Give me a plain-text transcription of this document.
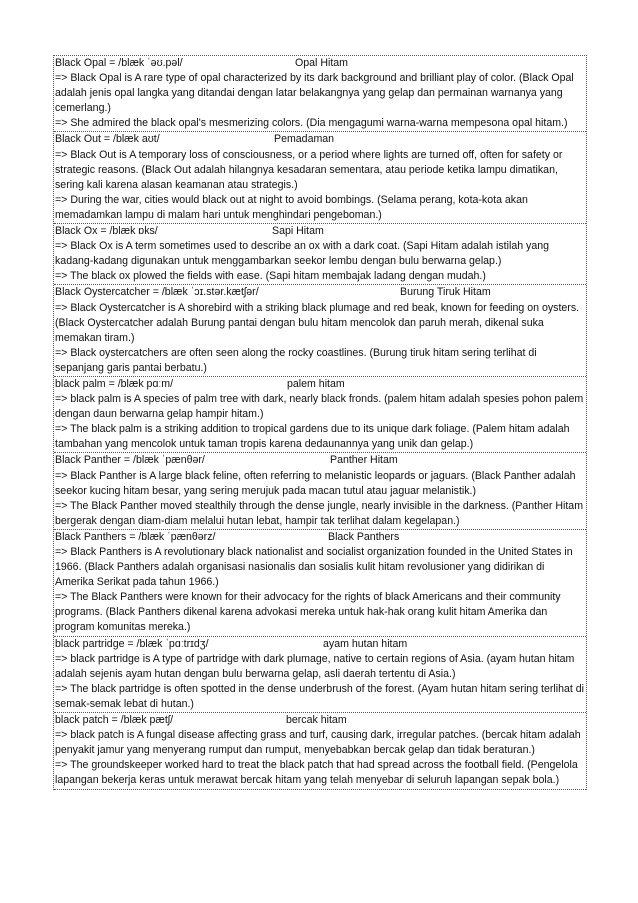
Black Opal = /blæk ˈəʊ.pəl/	Opal Hitam
=> Black Opal is A rare type of opal characterized by its dark background and brilliant play of color. (Black Opal adalah jenis opal langka yang ditandai dengan latar belakangnya yang gelap dan permainan warnanya yang cemerlang.)
=> She admired the black opal's mesmerizing colors. (Dia mengagumi warna-warna mempesona opal hitam.)
Black Out = /blæk aʊt/	Pemadaman
=> Black Out is A temporary loss of consciousness, or a period where lights are turned off, often for safety or strategic reasons. (Black Out adalah hilangnya kesadaran sementara, atau periode ketika lampu dimatikan, sering kali karena alasan keamanan atau strategis.)
=> During the war, cities would black out at night to avoid bombings. (Selama perang, kota-kota akan memadamkan lampu di malam hari untuk menghindari pengeboman.)
Black Ox = /blæk ɒks/	Sapi Hitam
=> Black Ox is A term sometimes used to describe an ox with a dark coat. (Sapi Hitam adalah istilah yang kadang-kadang digunakan untuk menggambarkan seekor lembu dengan bulu berwarna gelap.)
=> The black ox plowed the fields with ease. (Sapi hitam membajak ladang dengan mudah.)
Black Oystercatcher = /blæk ˈɔɪ.stər.kætʃər/	Burung Tiruk Hitam
=> Black Oystercatcher is A shorebird with a striking black plumage and red beak, known for feeding on oysters. (Black Oystercatcher adalah Burung pantai dengan bulu hitam mencolok dan paruh merah, dikenal suka memakan tiram.)
=> Black oystercatchers are often seen along the rocky coastlines. (Burung tiruk hitam sering terlihat di sepanjang garis pantai berbatu.)
black palm = /blæk pɑːm/	palem hitam
=> black palm is A species of palm tree with dark, nearly black fronds. (palem hitam adalah spesies pohon palem dengan daun berwarna gelap hampir hitam.)
=> The black palm is a striking addition to tropical gardens due to its unique dark foliage. (Palem hitam adalah tambahan yang mencolok untuk taman tropis karena dedaunannya yang unik dan gelap.)
Black Panther = /blæk ˈpænθər/	Panther Hitam
=> Black Panther is A large black feline, often referring to melanistic leopards or jaguars. (Black Panther adalah seekor kucing hitam besar, yang sering merujuk pada macan tutul atau jaguar melanistik.)
=> The Black Panther moved stealthily through the dense jungle, nearly invisible in the darkness. (Panther Hitam bergerak dengan diam-diam melalui hutan lebat, hampir tak terlihat dalam kegelapan.)
Black Panthers = /blæk ˈpænθərz/	Black Panthers
=> Black Panthers is A revolutionary black nationalist and socialist organization founded in the United States in 1966. (Black Panthers adalah organisasi nasionalis dan sosialis kulit hitam revolusioner yang didirikan di Amerika Serikat pada tahun 1966.)
=> The Black Panthers were known for their advocacy for the rights of black Americans and their community programs. (Black Panthers dikenal karena advokasi mereka untuk hak-hak orang kulit hitam Amerika dan program komunitas mereka.)
black partridge = /blæk ˈpɑːtrɪdʒ/	ayam hutan hitam
=> black partridge is A type of partridge with dark plumage, native to certain regions of Asia. (ayam hutan hitam adalah sejenis ayam hutan dengan bulu berwarna gelap, asli daerah tertentu di Asia.)
=> The black partridge is often spotted in the dense underbrush of the forest. (Ayam hutan hitam sering terlihat di semak-semak lebat di hutan.)
black patch = /blæk pætʃ/	bercak hitam
=> black patch is A fungal disease affecting grass and turf, causing dark, irregular patches. (bercak hitam adalah penyakit jamur yang menyerang rumput dan rumput, menyebabkan bercak gelap dan tidak beraturan.)
=> The groundskeeper worked hard to treat the black patch that had spread across the football field. (Pengelola lapangan bekerja keras untuk merawat bercak hitam yang telah menyebar di seluruh lapangan sepak bola.)
